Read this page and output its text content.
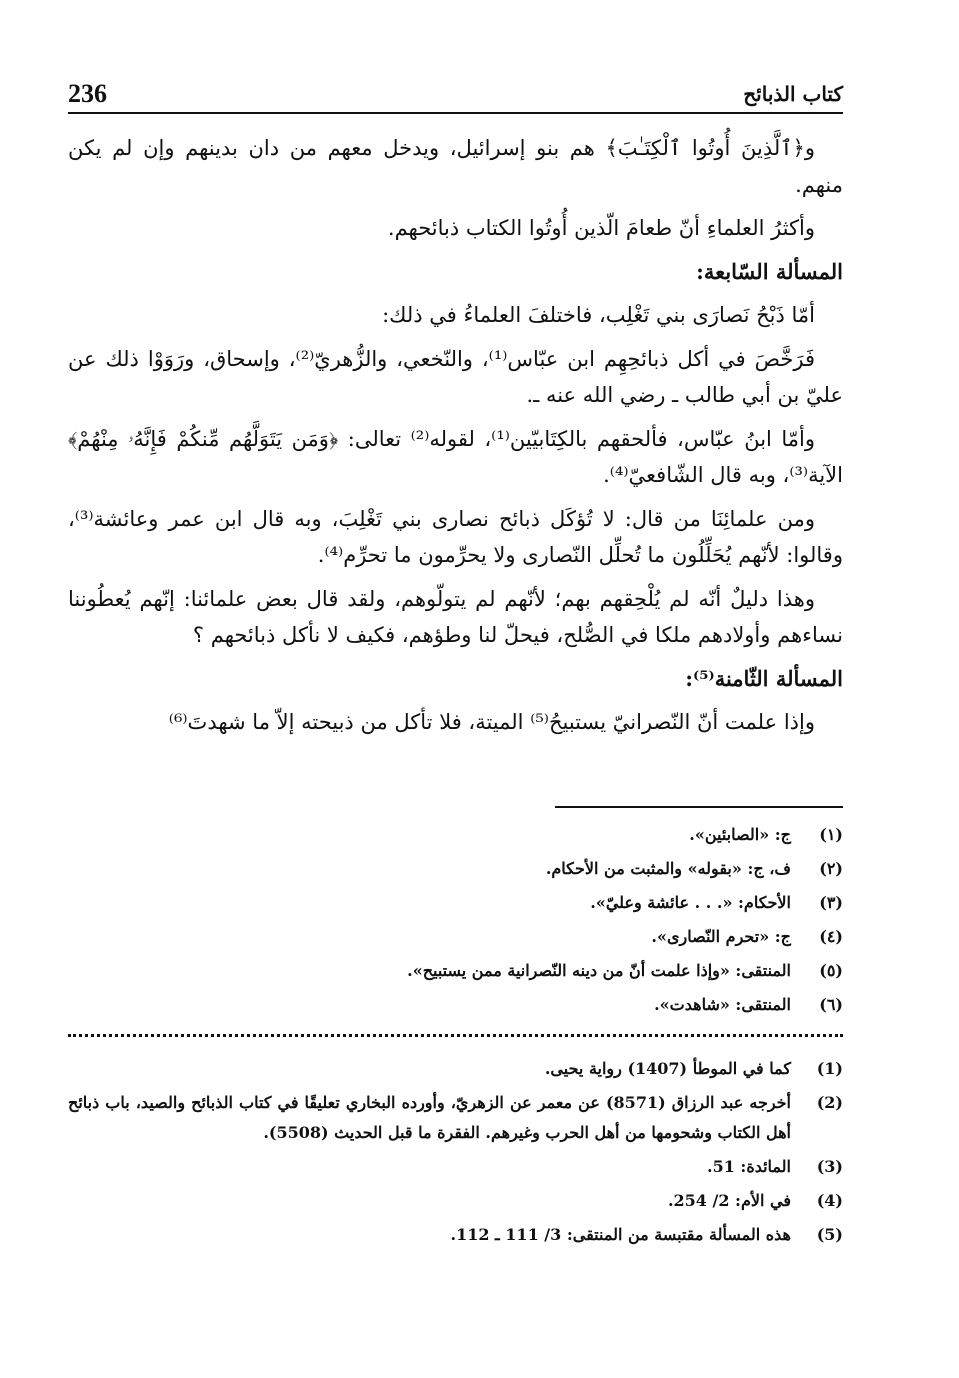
236	كتاب الذبائح

و﴿ٱلَّذِينَ أُوتُوا ٱلْكِتَـٰبَ﴾ هم بنو إسرائيل، ويدخل معهم من دان بدينهم وإن لم يكن منهم.

وأكثرُ العلماءِ أنّ طعامَ الّذين أُوتُوا الكتاب ذبائحهم.

المسألة السّابعة:

أمّا ذَبْحُ نَصارَى بني تَغْلِب، فاختلفَ العلماءُ في ذلك:

فَرَخَّصَ في أكل ذبائحِهِم ابن عبّاس⁽¹⁾، والنّخعي، والزُّهريّ⁽²⁾، وإسحاق، ورَوَوْا ذلك عن عليّ بن أبي طالب ـ رضي الله عنه ـ.

وأمّا ابنُ عبّاس، فألحقهم بالكِتَابيّين⁽¹⁾، لقوله⁽²⁾ تعالى: ﴿وَمَن يَتَوَلَّهُم مِّنكُمْ فَإِنَّهُۥ مِنْهُمْ﴾ الآية⁽³⁾، وبه قال الشّافعيّ⁽⁴⁾.

ومن علمائِنَا من قال: لا تُؤكَل ذبائح نصارى بني تَغْلِبَ، وبه قال ابن عمر وعائشة⁽³⁾، وقالوا: لأنّهم يُحَلِّلُون ما تُحلِّل النّصارى ولا يحرِّمون ما تحرِّم⁽⁴⁾.

وهذا دليلٌ أنّه لم يُلْحِقهم بهم؛ لأنّهم لم يتولّوهم، ولقد قال بعض علمائنا: إنّهم يُعطُوننا نساءهم وأولادهم ملكا في الصُّلح، فيحلّ لنا وطؤهم، فكيف لا نأكل ذبائحهم ؟

المسألة الثّامنة⁽⁵⁾:

وإذا علمت أنّ النّصرانيّ يستبيحُ⁽⁵⁾ الميتة، فلا تأكل من ذبيحته إلاّ ما شهدتَ⁽⁶⁾

(١)
ج: «الصابئين».
(٢)
ف، ج: «بقوله» والمثبت من الأحكام.
(٣)
الأحكام: «. . . عائشة وعليّ».
(٤)
ج: «تحرم النّصارى».
(٥)
المنتقى: «وإذا علمت أنّ من دينه النّصرانية ممن يستبيح».
(٦)
المنتقى: «شاهدت».
(1)
كما في الموطأ (1407) رواية يحيى.
(2)
أخرجه عبد الرزاق (8571) عن معمر عن الزهريّ، وأورده البخاري تعليقًا في كتاب الذبائح والصيد، باب ذبائح أهل الكتاب وشحومها من أهل الحرب وغيرهم. الفقرة ما قبل الحديث (5508).
(3)
المائدة: 51.
(4)
في الأم: 2/ 254.
(5)
هذه المسألة مقتبسة من المنتقى: 3/ 111 ـ 112.
